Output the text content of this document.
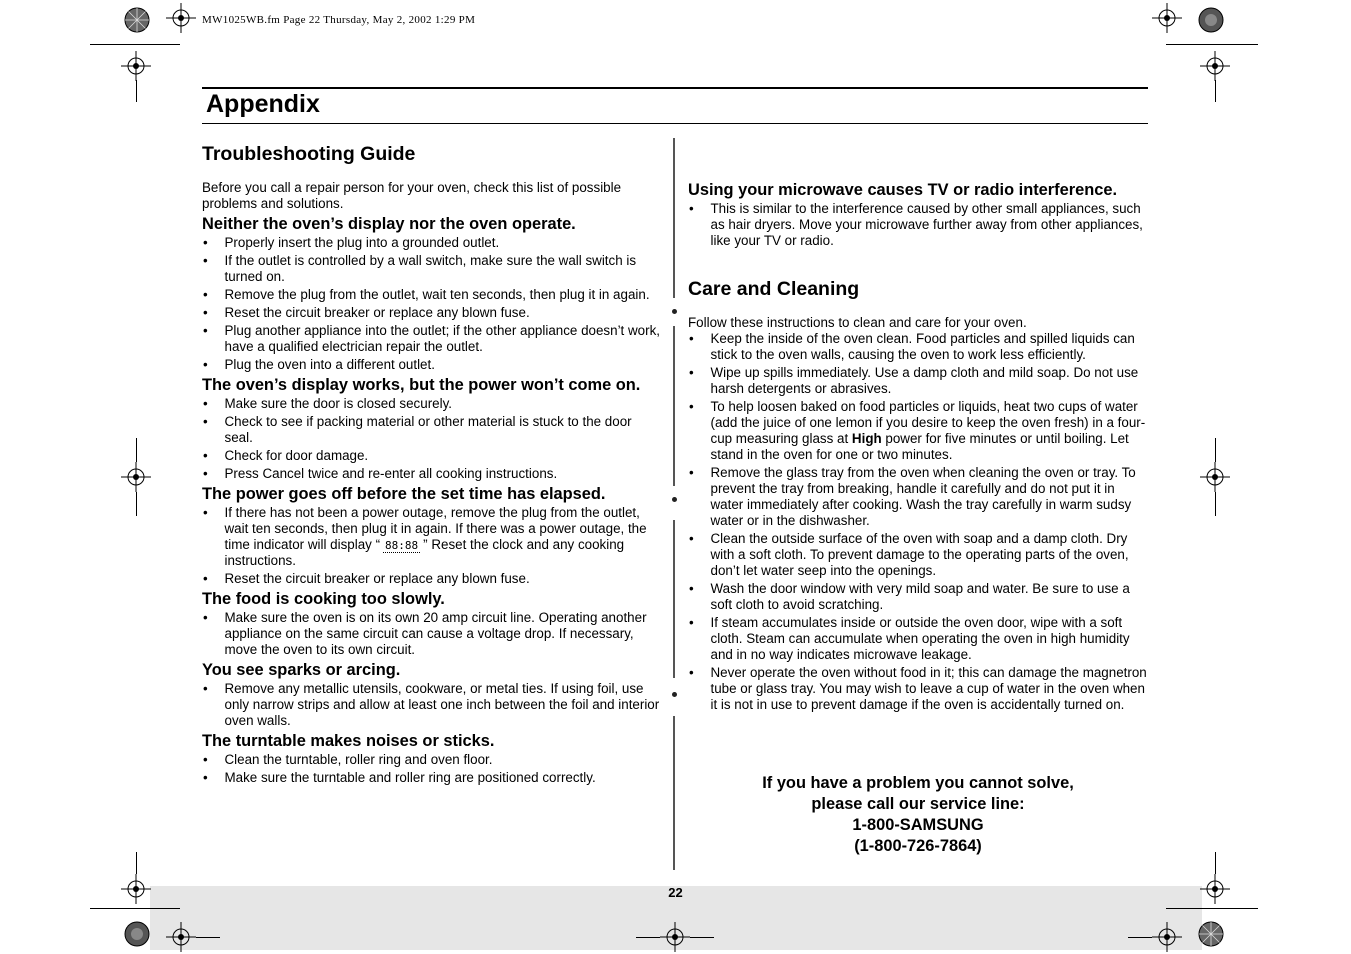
MW1025WB.fm Page 22 Thursday, May 2, 2002 1:29 PM
Appendix
Troubleshooting Guide

Before you call a repair person for your oven, check this list of possible problems and solutions.

Neither the oven’s display nor the oven operate.
• Properly insert the plug into a grounded outlet.
• If the outlet is controlled by a wall switch, make sure the wall switch is turned on.
• Remove the plug from the outlet, wait ten seconds, then plug it in again.
• Reset the circuit breaker or replace any blown fuse.
• Plug another appliance into the outlet; if the other appliance doesn’t work, have a qualified electrician repair the outlet.
• Plug the oven into a different outlet.
The oven’s display works, but the power won’t come on.
• Make sure the door is closed securely.
• Check to see if packing material or other material is stuck to the door seal.
• Check for door damage.
• Press Cancel twice and re-enter all cooking instructions.
The power goes off before the set time has elapsed.
• If there has not been a power outage, remove the plug from the outlet, wait ten seconds, then plug it in again. If there was a power outage, the time indicator will display “ 88:88 ” Reset the clock and any cooking instructions.
• Reset the circuit breaker or replace any blown fuse.
The food is cooking too slowly.
• Make sure the oven is on its own 20 amp circuit line. Operating another appliance on the same circuit can cause a voltage drop. If necessary, move the oven to its own circuit.
You see sparks or arcing.
• Remove any metallic utensils, cookware, or metal ties. If using foil, use only narrow strips and allow at least one inch between the foil and interior oven walls.
The turntable makes noises or sticks.
• Clean the turntable, roller ring and oven floor.
• Make sure the turntable and roller ring are positioned correctly.
Using your microwave causes TV or radio interference.
• This is similar to the interference caused by other small appliances, such as hair dryers. Move your microwave further away from other appliances, like your TV or radio.
Care and Cleaning

Follow these instructions to clean and care for your oven.

• Keep the inside of the oven clean. Food particles and spilled liquids can stick to the oven walls, causing the oven to work less efficiently.
• Wipe up spills immediately. Use a damp cloth and mild soap. Do not use harsh detergents or abrasives.
• To help loosen baked on food particles or liquids, heat two cups of water (add the juice of one lemon if you desire to keep the oven fresh) in a four-cup measuring glass at High power for five minutes or until boiling. Let stand in the oven for one or two minutes.
• Remove the glass tray from the oven when cleaning the oven or tray. To prevent the tray from breaking, handle it carefully and do not put it in water immediately after cooking. Wash the tray carefully in warm sudsy water or in the dishwasher.
• Clean the outside surface of the oven with soap and a damp cloth. Dry with a soft cloth. To prevent damage to the operating parts of the oven, don’t let water seep into the openings.
• Wash the door window with very mild soap and water. Be sure to use a soft cloth to avoid scratching.
• If steam accumulates inside or outside the oven door, wipe with a soft cloth. Steam can accumulate when operating the oven in high humidity and in no way indicates microwave leakage.
• Never operate the oven without food in it; this can damage the magnetron tube or glass tray. You may wish to leave a cup of water in the oven when it is not in use to prevent damage if the oven is accidentally turned on.
If you have a problem you cannot solve,
please call our service line:
1-800-SAMSUNG
(1-800-726-7864)
22
